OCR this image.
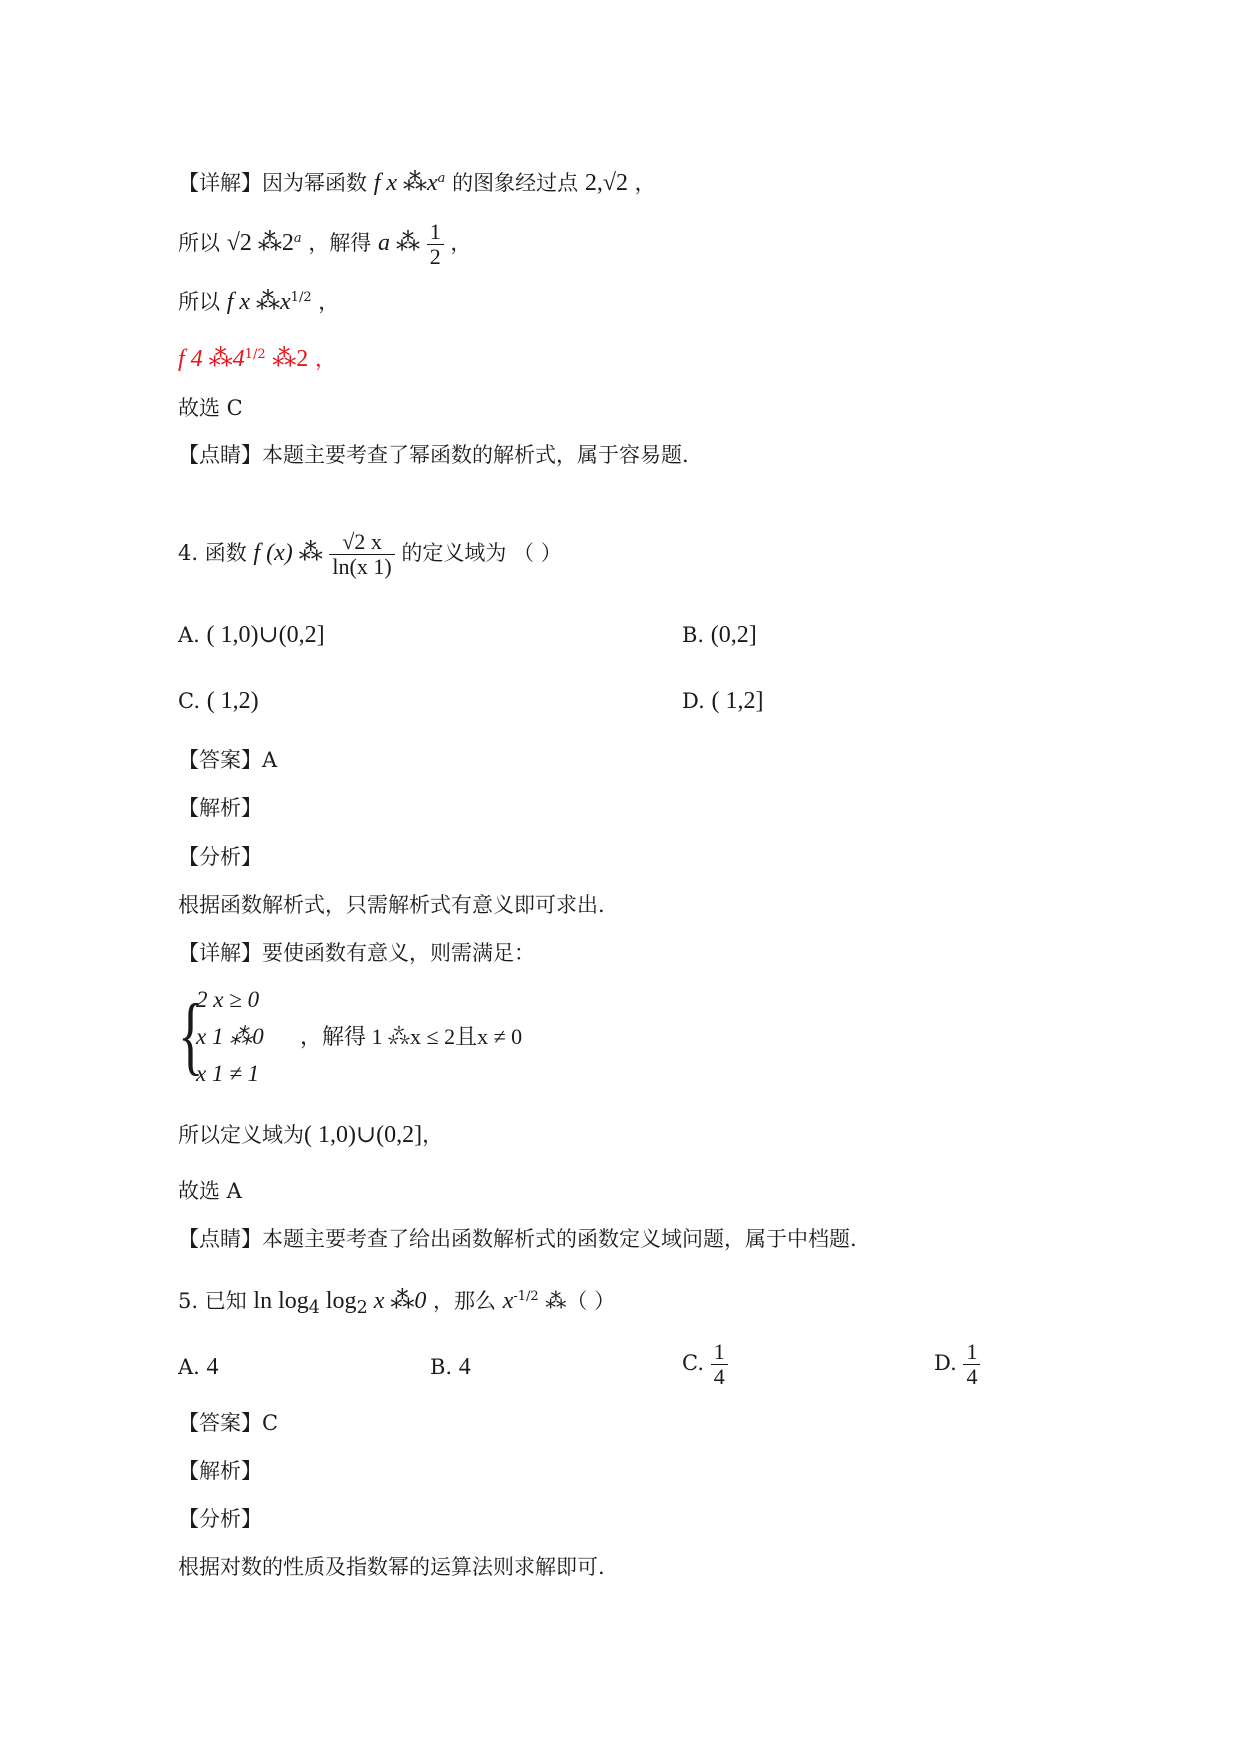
【详解】因为幂函数 f x $⁂x^a$ 的图象经过点 2,√2 ，
所以 √2 ⁂2$^a$ ，解得 a ⁂ $\frac{1}{2}$ ，
所以 f x $⁂x^{1/2}$ ，
f 4 $⁂4^{1/2}$ ⁂2 ，
故选 C
【点睛】本题主要考查了幂函数的解析式，属于容易题.
4. 函数 f (x) ⁂ $\frac{√2 x}{\ln(x 1)}$ 的定义域为 （ ）
A. ( 1,0)∪(0,2]	B. (0,2]
C. ( 1,2)	D. ( 1,2]
【答案】A
【解析】
【分析】
根据函数解析式，只需解析式有意义即可求出.
【详解】要使函数有意义，则需满足：
{
2 x ≥ 0
x 1 ⁂0
x 1 ≠ 1
，解得 1 ⁂x ≤ 2且x ≠ 0
所以定义域为( 1,0)∪(0,2]，
故选 A
【点睛】本题主要考查了给出函数解析式的函数定义域问题，属于中档题.
5. 已知 $\ln \log_4 \log_2 x$ ⁂0 ，那么 $x^{-1/2}$ ⁂（ ）
A. 4	B. 4	C. $\frac{1}{4}$	D. $\frac{1}{4}$
【答案】C
【解析】
【分析】
根据对数的性质及指数幂的运算法则求解即可.
